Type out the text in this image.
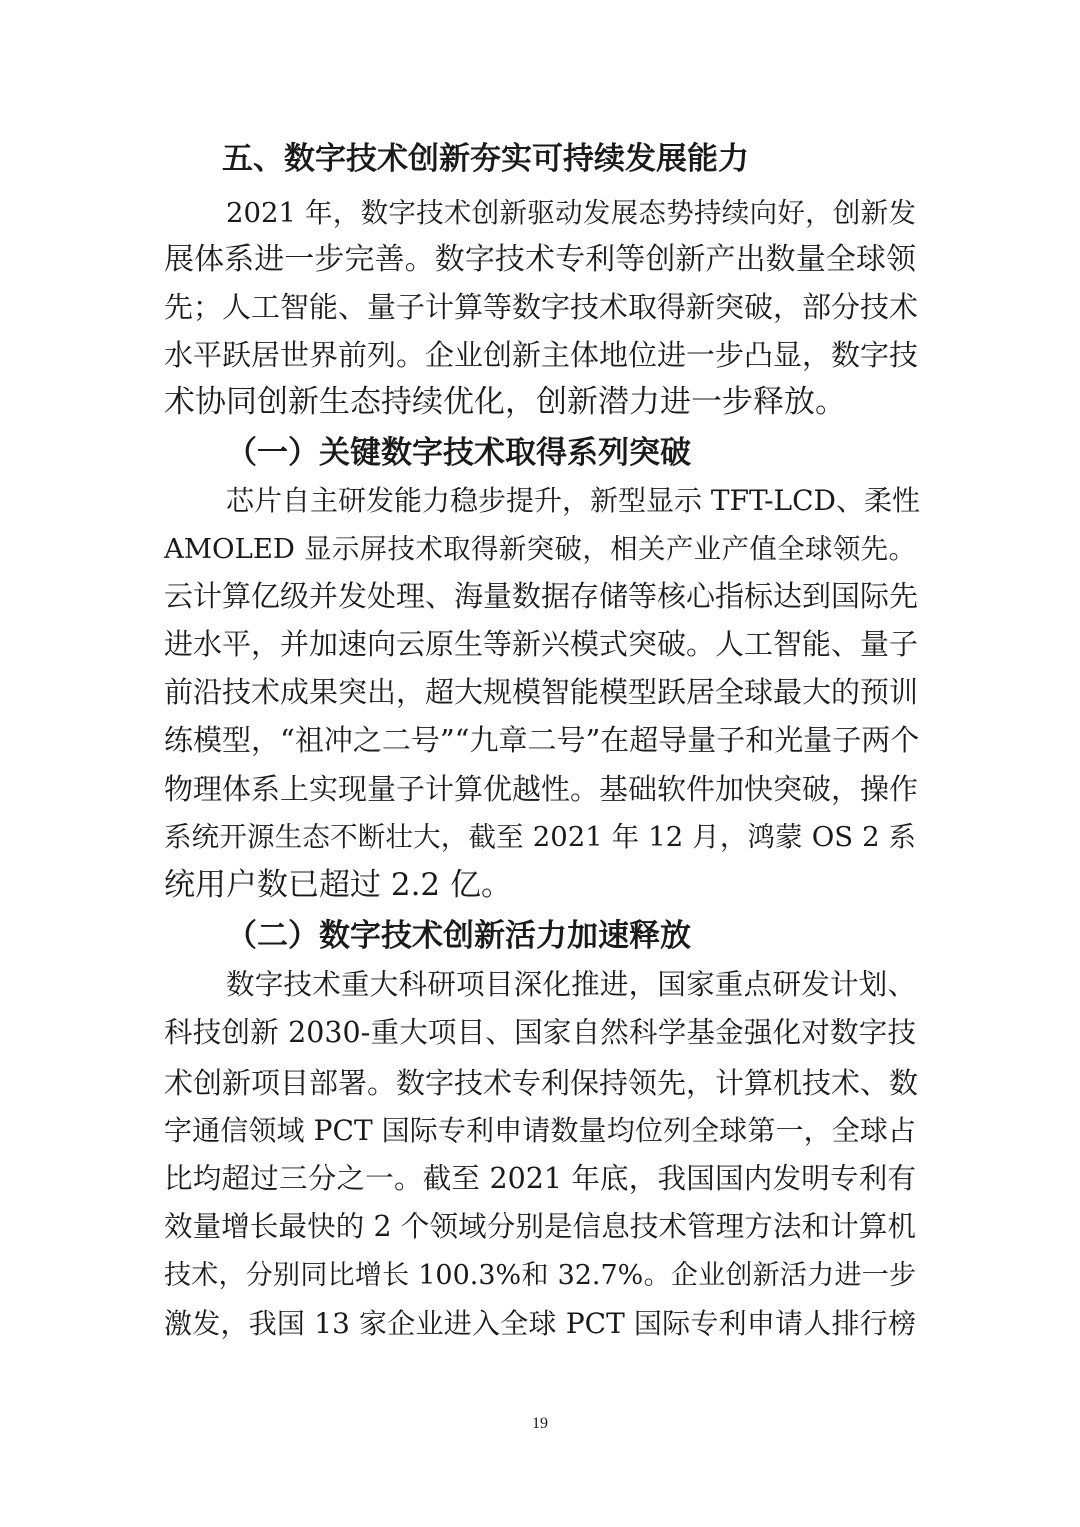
五、数字技术创新夯实可持续发展能力
2021 年，数字技术创新驱动发展态势持续向好，创新发
展体系进一步完善。数字技术专利等创新产出数量全球领
先；人工智能、量子计算等数字技术取得新突破，部分技术
水平跃居世界前列。企业创新主体地位进一步凸显，数字技
术协同创新生态持续优化，创新潜力进一步释放。
（一）关键数字技术取得系列突破
芯片自主研发能力稳步提升，新型显示 TFT-LCD、柔性
AMOLED 显示屏技术取得新突破，相关产业产值全球领先。
云计算亿级并发处理、海量数据存储等核心指标达到国际先
进水平，并加速向云原生等新兴模式突破。人工智能、量子
前沿技术成果突出，超大规模智能模型跃居全球最大的预训
练模型，“祖冲之二号”“九章二号”在超导量子和光量子两个
物理体系上实现量子计算优越性。基础软件加快突破，操作
系统开源生态不断壮大，截至 2021 年 12 月，鸿蒙 OS 2 系
统用户数已超过 2.2 亿。
（二）数字技术创新活力加速释放
数字技术重大科研项目深化推进，国家重点研发计划、
科技创新 2030-重大项目、国家自然科学基金强化对数字技
术创新项目部署。数字技术专利保持领先，计算机技术、数
字通信领域 PCT 国际专利申请数量均位列全球第一，全球占
比均超过三分之一。截至 2021 年底，我国国内发明专利有
效量增长最快的 2 个领域分别是信息技术管理方法和计算机
技术，分别同比增长 100.3%和 32.7%。企业创新活力进一步
激发，我国 13 家企业进入全球 PCT 国际专利申请人排行榜
19
